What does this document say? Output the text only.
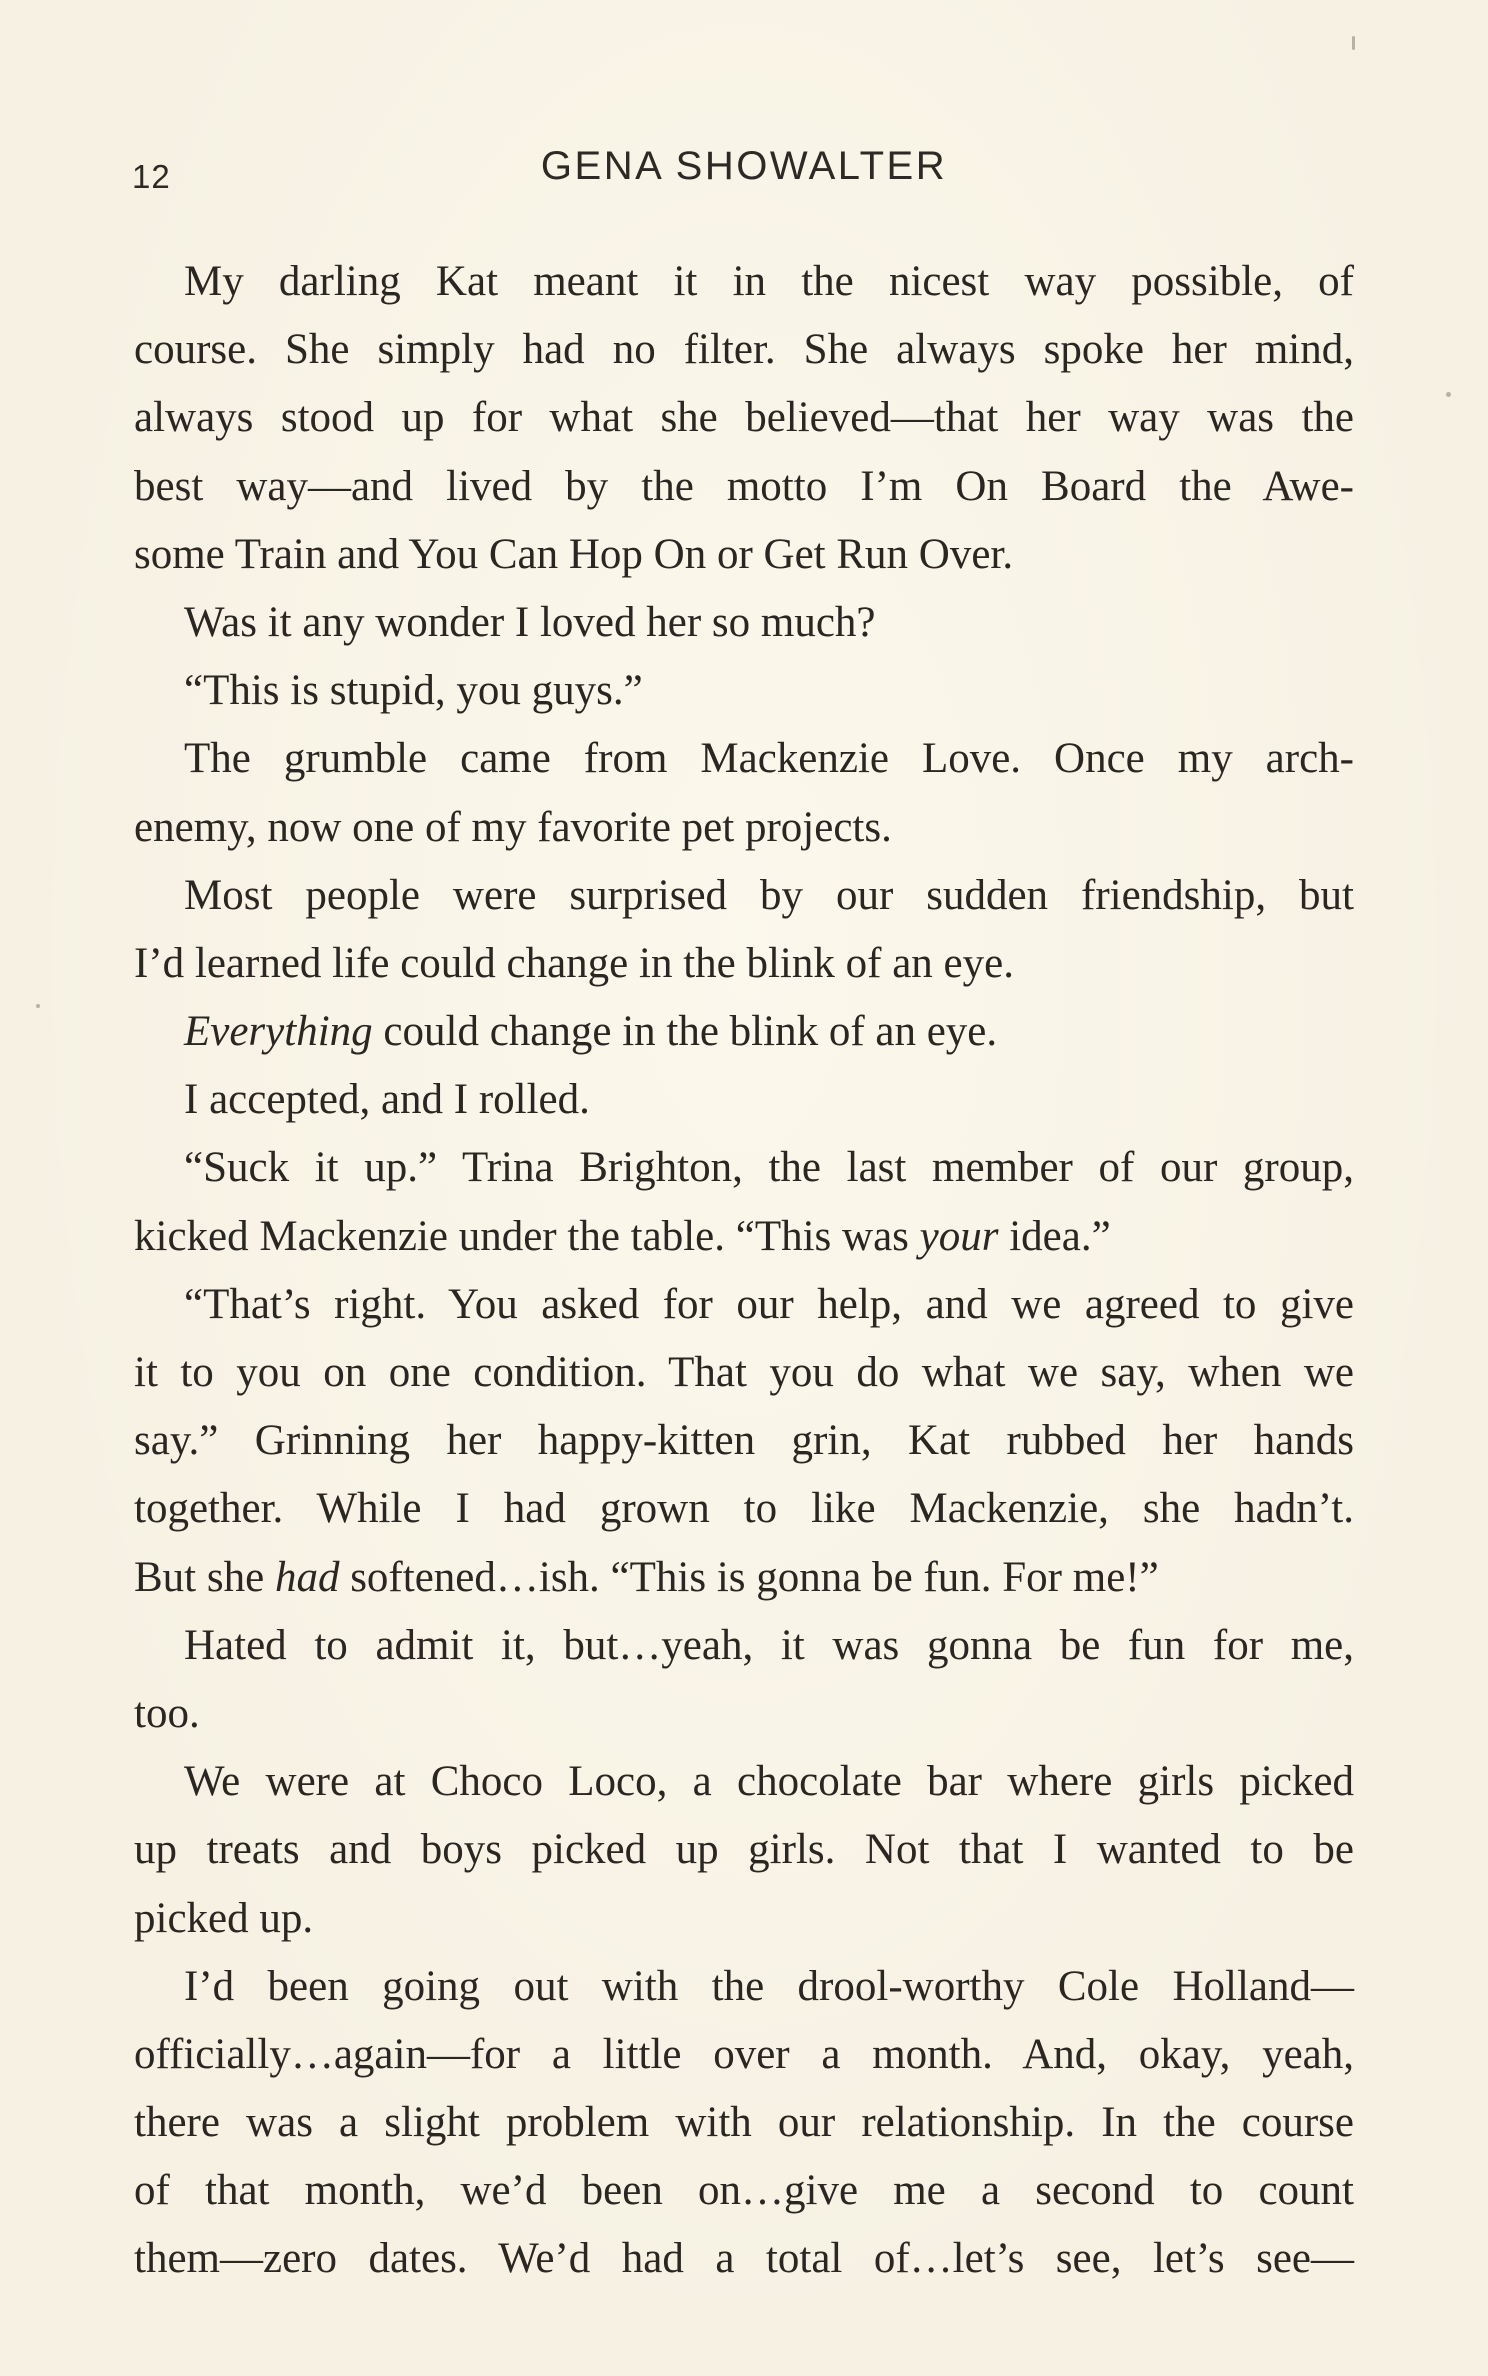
12	GENA SHOWALTER
My darling Kat meant it in the nicest way possible, of
course. She simply had no filter. She always spoke her mind,
always stood up for what she believed—that her way was the
best way—and lived by the motto I’m On Board the Awe-
some Train and You Can Hop On or Get Run Over.
Was it any wonder I loved her so much?
“This is stupid, you guys.”
The grumble came from Mackenzie Love. Once my arch-
enemy, now one of my favorite pet projects.
Most people were surprised by our sudden friendship, but
I’d learned life could change in the blink of an eye.
Everything could change in the blink of an eye.
I accepted, and I rolled.
“Suck it up.” Trina Brighton, the last member of our group,
kicked Mackenzie under the table. “This was your idea.”
“That’s right. You asked for our help, and we agreed to give
it to you on one condition. That you do what we say, when we
say.” Grinning her happy-kitten grin, Kat rubbed her hands
together. While I had grown to like Mackenzie, she hadn’t.
But she had softened…ish. “This is gonna be fun. For me!”
Hated to admit it, but…yeah, it was gonna be fun for me,
too.
We were at Choco Loco, a chocolate bar where girls picked
up treats and boys picked up girls. Not that I wanted to be
picked up.
I’d been going out with the drool-worthy Cole Holland—
officially…again—for a little over a month. And, okay, yeah,
there was a slight problem with our relationship. In the course
of that month, we’d been on…give me a second to count
them—zero dates. We’d had a total of…let’s see, let’s see—
